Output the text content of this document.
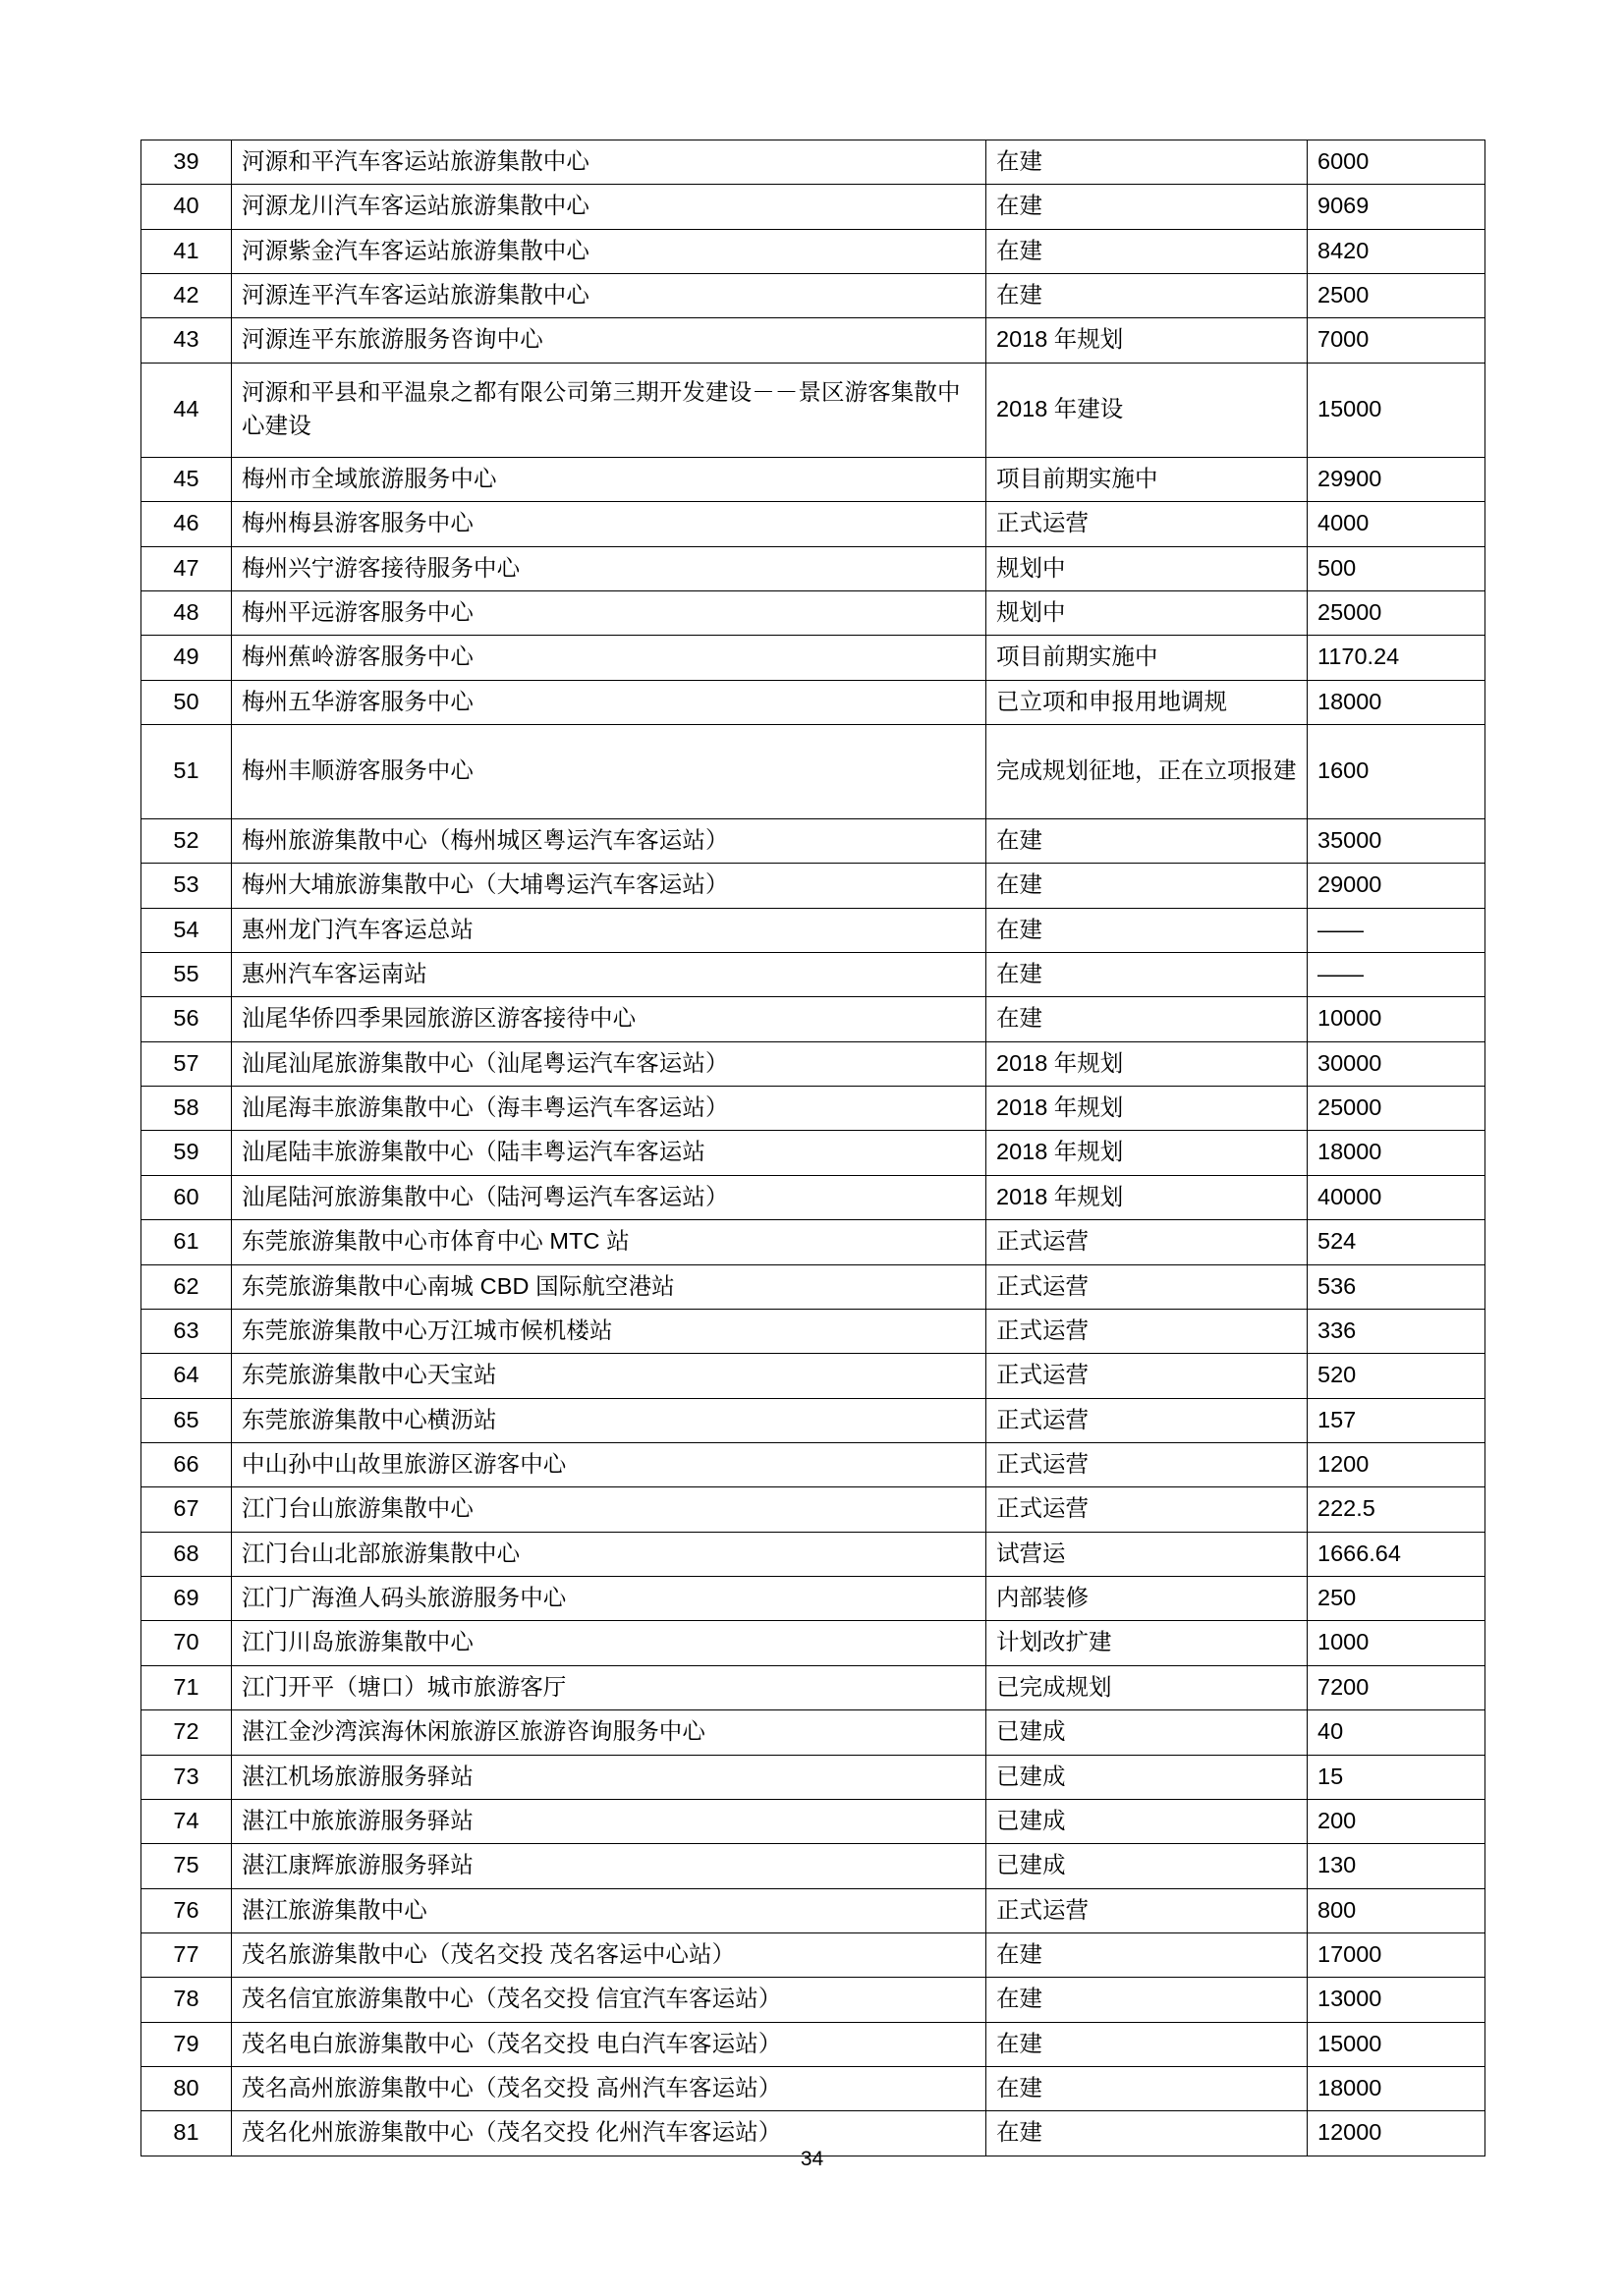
39	河源和平汽车客运站旅游集散中心	在建	6000
40	河源龙川汽车客运站旅游集散中心	在建	9069
41	河源紫金汽车客运站旅游集散中心	在建	8420
42	河源连平汽车客运站旅游集散中心	在建	2500
43	河源连平东旅游服务咨询中心	2018 年规划	7000
44	河源和平县和平温泉之都有限公司第三期开发建设－－景区游客集散中心建设	2018 年建设	15000
45	梅州市全域旅游服务中心	项目前期实施中	29900
46	梅州梅县游客服务中心	正式运营	4000
47	梅州兴宁游客接待服务中心	规划中	500
48	梅州平远游客服务中心	规划中	25000
49	梅州蕉岭游客服务中心	项目前期实施中	1170.24
50	梅州五华游客服务中心	已立项和申报用地调规	18000
51	梅州丰顺游客服务中心	完成规划征地，正在立项报建	1600
52	梅州旅游集散中心（梅州城区粤运汽车客运站）	在建	35000
53	梅州大埔旅游集散中心（大埔粤运汽车客运站）	在建	29000
54	惠州龙门汽车客运总站	在建	——
55	惠州汽车客运南站	在建	——
56	汕尾华侨四季果园旅游区游客接待中心	在建	10000
57	汕尾汕尾旅游集散中心（汕尾粤运汽车客运站）	2018 年规划	30000
58	汕尾海丰旅游集散中心（海丰粤运汽车客运站）	2018 年规划	25000
59	汕尾陆丰旅游集散中心（陆丰粤运汽车客运站	2018 年规划	18000
60	汕尾陆河旅游集散中心（陆河粤运汽车客运站）	2018 年规划	40000
61	东莞旅游集散中心市体育中心 MTC 站	正式运营	524
62	东莞旅游集散中心南城 CBD 国际航空港站	正式运营	536
63	东莞旅游集散中心万江城市候机楼站	正式运营	336
64	东莞旅游集散中心天宝站	正式运营	520
65	东莞旅游集散中心横沥站	正式运营	157
66	中山孙中山故里旅游区游客中心	正式运营	1200
67	江门台山旅游集散中心	正式运营	222.5
68	江门台山北部旅游集散中心	试营运	1666.64
69	江门广海渔人码头旅游服务中心	内部装修	250
70	江门川岛旅游集散中心	计划改扩建	1000
71	江门开平（塘口）城市旅游客厅	已完成规划	7200
72	湛江金沙湾滨海休闲旅游区旅游咨询服务中心	已建成	40
73	湛江机场旅游服务驿站	已建成	15
74	湛江中旅旅游服务驿站	已建成	200
75	湛江康辉旅游服务驿站	已建成	130
76	湛江旅游集散中心	正式运营	800
77	茂名旅游集散中心（茂名交投 茂名客运中心站）	在建	17000
78	茂名信宜旅游集散中心（茂名交投 信宜汽车客运站）	在建	13000
79	茂名电白旅游集散中心（茂名交投 电白汽车客运站）	在建	15000
80	茂名高州旅游集散中心（茂名交投 高州汽车客运站）	在建	18000
81	茂名化州旅游集散中心（茂名交投 化州汽车客运站）	在建	12000
34
